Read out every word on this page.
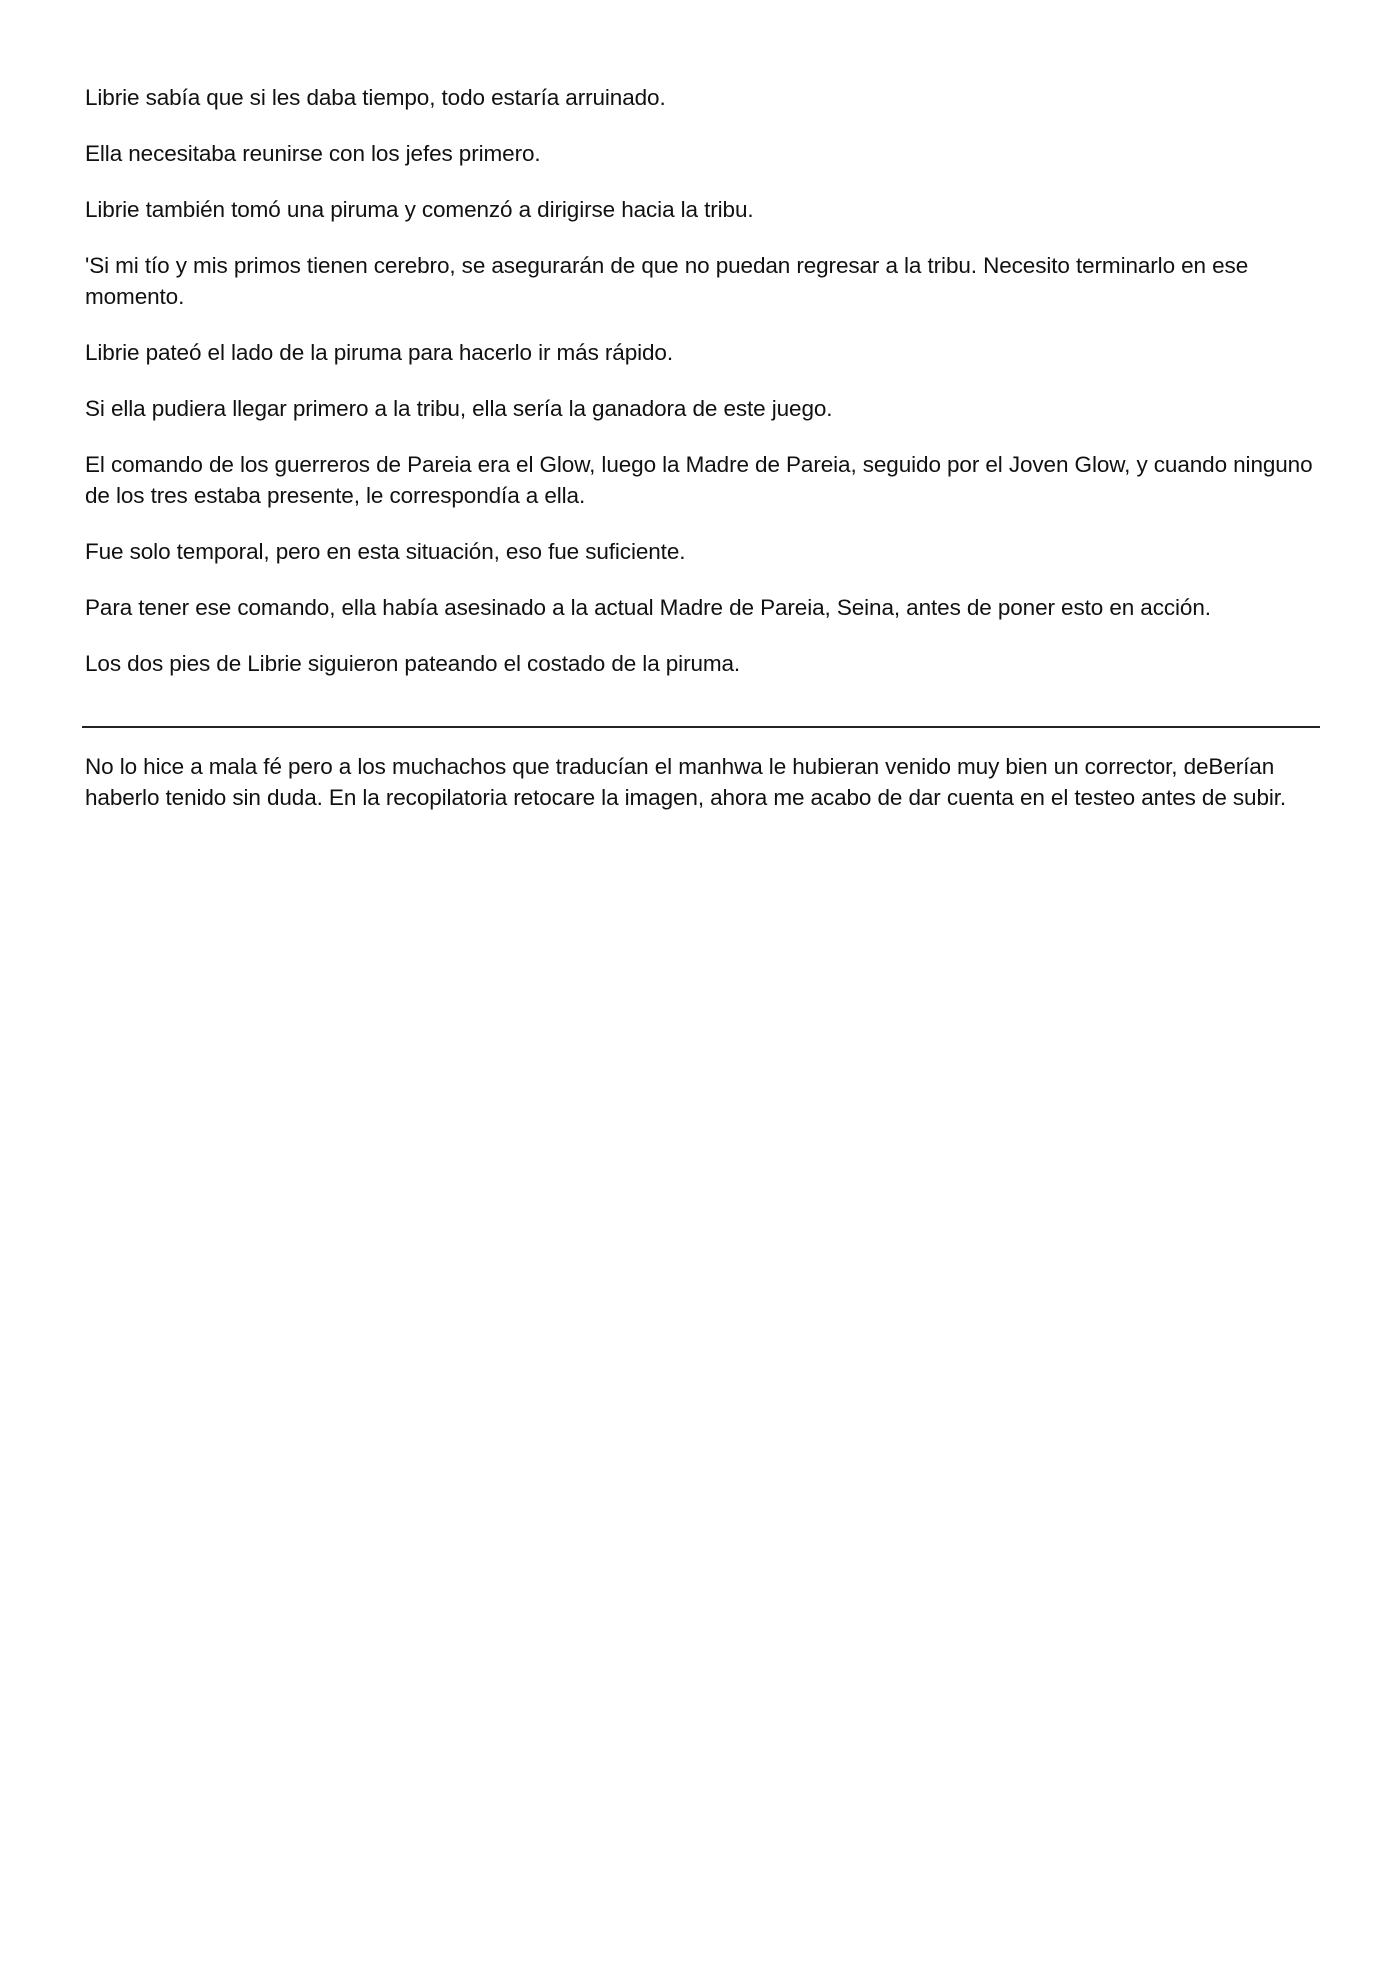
Librie sabía que si les daba tiempo, todo estaría arruinado.

Ella necesitaba reunirse con los jefes primero.

Librie también tomó una piruma y comenzó a dirigirse hacia la tribu.

'Si mi tío y mis primos tienen cerebro, se asegurarán de que no puedan regresar a la tribu. Necesito terminarlo en ese momento.

Librie pateó el lado de la piruma para hacerlo ir más rápido.

Si ella pudiera llegar primero a la tribu, ella sería la ganadora de este juego.

El comando de los guerreros de Pareia era el Glow, luego la Madre de Pareia, seguido por el Joven Glow, y cuando ninguno de los tres estaba presente, le correspondía a ella.

Fue solo temporal, pero en esta situación, eso fue suficiente.

Para tener ese comando, ella había asesinado a la actual Madre de Pareia, Seina, antes de poner esto en acción.

Los dos pies de Librie siguieron pateando el costado de la piruma.

No lo hice a mala fé pero a los muchachos que traducían el manhwa le hubieran venido muy bien un corrector, deBerían haberlo tenido sin duda. En la recopilatoria retocare la imagen, ahora me acabo de dar cuenta en el testeo antes de subir.
